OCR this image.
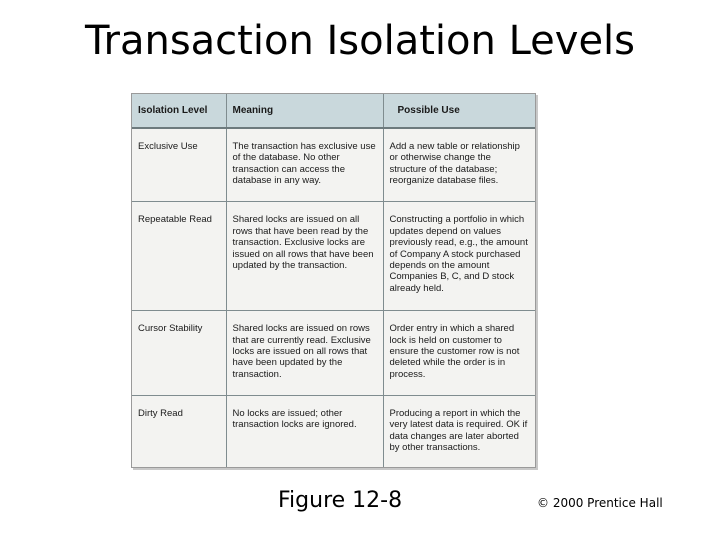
Transaction Isolation Levels
Isolation Level	Meaning	Possible Use
Exclusive Use	The transaction has exclusive use of the database. No other transaction can access the database in any way.	Add a new table or relationship or otherwise change the structure of the database; reorganize database files.
Repeatable Read	Shared locks are issued on all rows that have been read by the transaction. Exclusive locks are issued on all rows that have been updated by the transaction.	Constructing a portfolio in which updates depend on values previously read, e.g., the amount of Company A stock purchased depends on the amount Companies B, C, and D stock already held.
Cursor Stability	Shared locks are issued on rows that are currently read. Exclusive locks are issued on all rows that have been updated by the transaction.	Order entry in which a shared lock is held on customer to ensure the customer row is not deleted while the order is in process.
Dirty Read	No locks are issued; other transaction locks are ignored.	Producing a report in which the very latest data is required. OK if data changes are later aborted by other transactions.
Figure 12-8	© 2000 Prentice Hall
